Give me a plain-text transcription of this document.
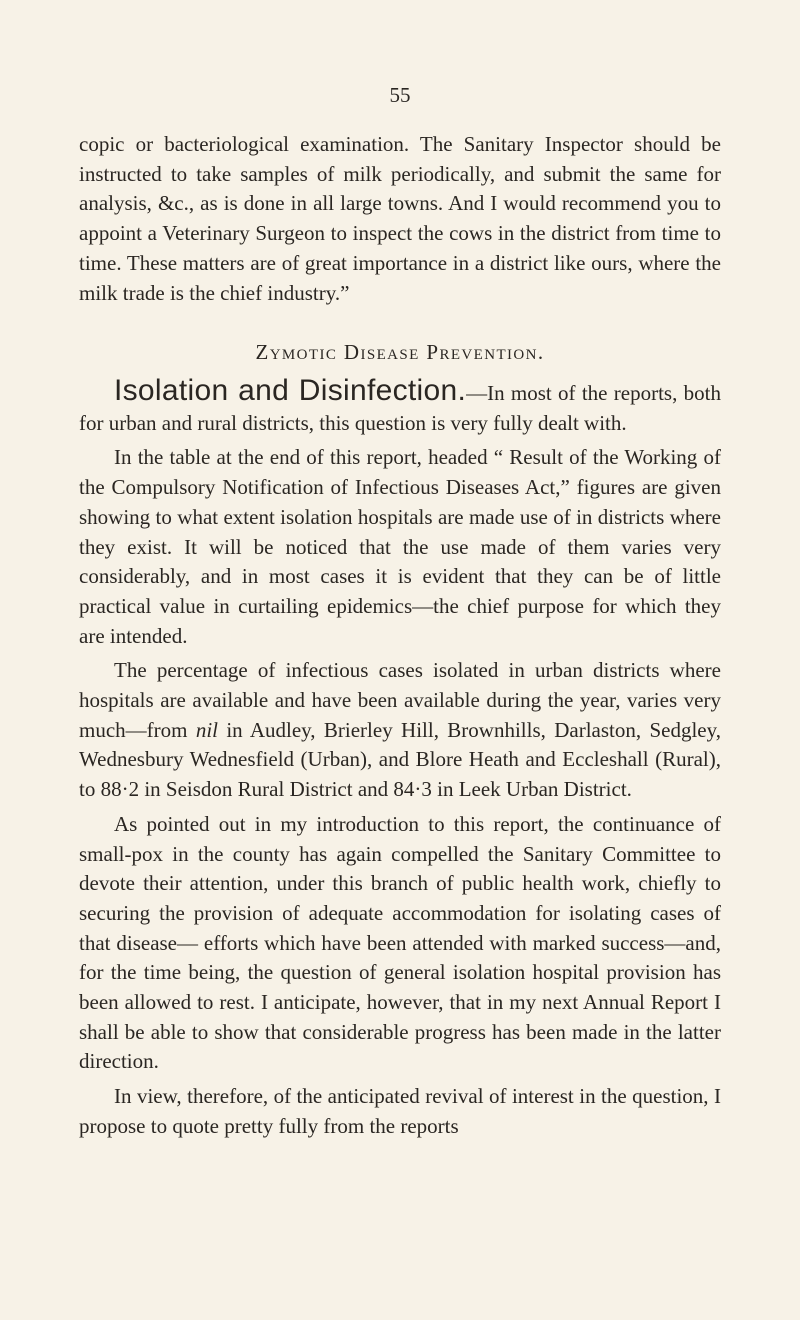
55

copic or bacteriological examination. The Sanitary Inspector should be instructed to take samples of milk periodically, and submit the same for analysis, &c., as is done in all large towns. And I would recommend you to appoint a Veterinary Surgeon to inspect the cows in the district from time to time. These matters are of great importance in a district like ours, where the milk trade is the chief industry.”

Zymotic Disease Prevention.

Isolation and Disinfection.—In most of the reports, both for urban and rural districts, this question is very fully dealt with.

In the table at the end of this report, headed “ Result of the Working of the Compulsory Notification of Infectious Diseases Act,” figures are given showing to what extent isolation hospitals are made use of in districts where they exist. It will be noticed that the use made of them varies very considerably, and in most cases it is evident that they can be of little practical value in curtailing epidemics—the chief purpose for which they are intended.

The percentage of infectious cases isolated in urban districts where hospitals are available and have been available during the year, varies very much—from nil in Audley, Brierley Hill, Brownhills, Darlaston, Sedgley, Wednesbury Wednesfield (Urban), and Blore Heath and Eccleshall (Rural), to 88·2 in Seisdon Rural District and 84·3 in Leek Urban District.

As pointed out in my introduction to this report, the continuance of small-pox in the county has again compelled the Sanitary Committee to devote their attention, under this branch of public health work, chiefly to securing the provision of adequate accommodation for isolating cases of that disease— efforts which have been attended with marked success—and, for the time being, the question of general isolation hospital provision has been allowed to rest. I anticipate, however, that in my next Annual Report I shall be able to show that considerable progress has been made in the latter direction.

In view, therefore, of the anticipated revival of interest in the question, I propose to quote pretty fully from the reports
